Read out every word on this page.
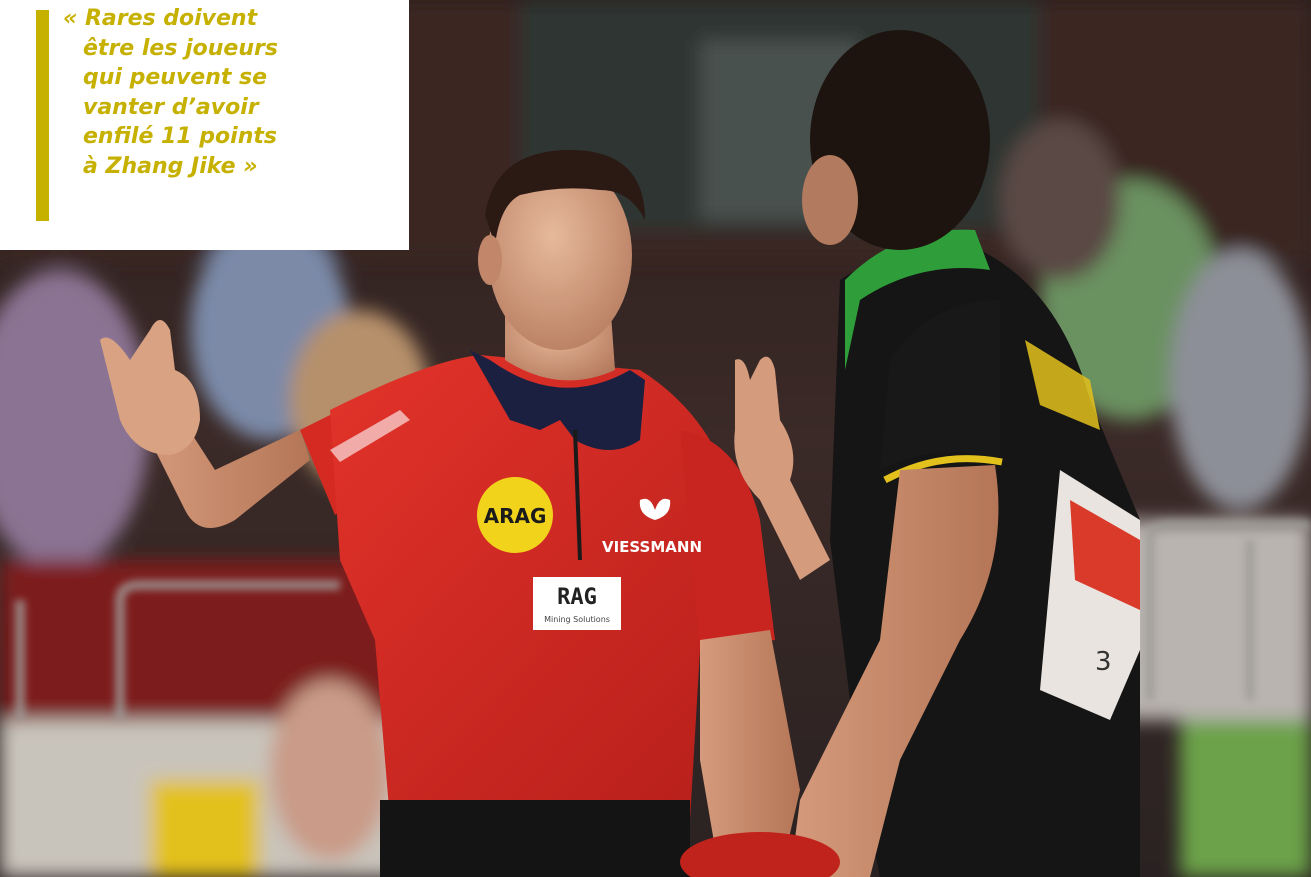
ARAG
VIESSMANN
RAG
Mining Solutions
3
« Rares doivent
être les joueurs
qui peuvent se
vanter d’avoir
enfilé 11 points
à Zhang Jike »
